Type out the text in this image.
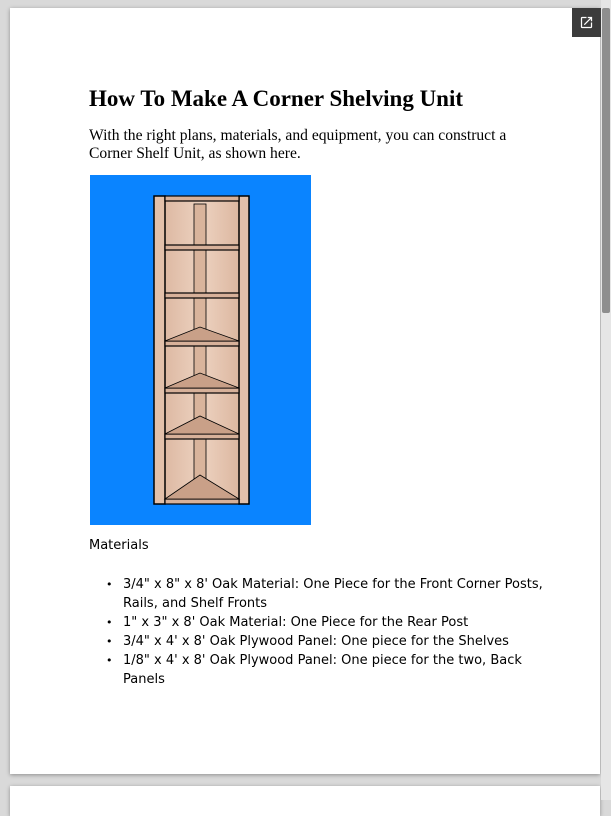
How To Make A Corner Shelving Unit

With the right plans, materials, and equipment, you can construct a Corner Shelf Unit, as shown here.

Materials

• 3/4" x 8" x 8' Oak Material: One Piece for the Front Corner Posts, Rails, and Shelf Fronts
• 1" x 3" x 8' Oak Material: One Piece for the Rear Post
• 3/4" x 4' x 8' Oak Plywood Panel: One piece for the Shelves
• 1/8" x 4' x 8' Oak Plywood Panel: One piece for the two, Back Panels
